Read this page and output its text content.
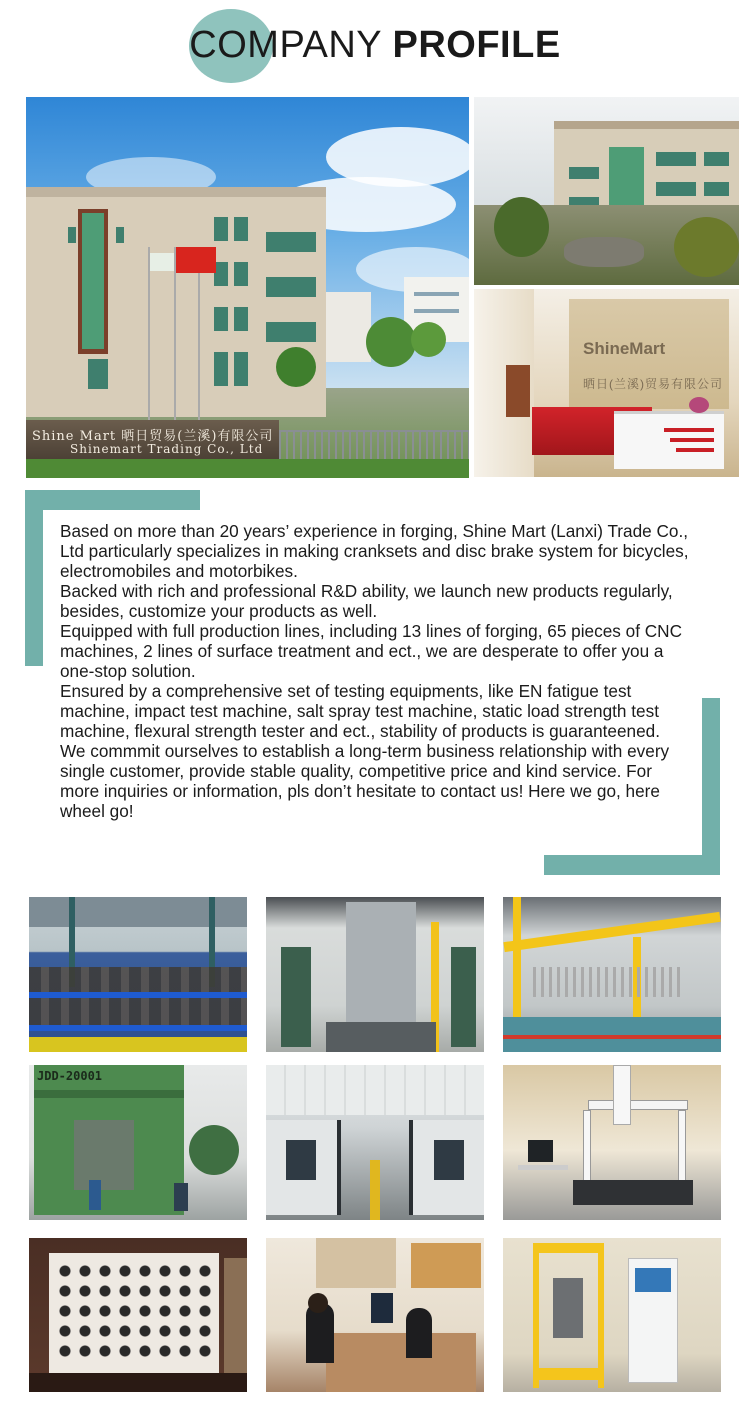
COMPANY PROFILE
Shine Mart 晒日贸易(兰溪)有限公司
Shinemart Trading Co., Ltd
ShineMart
晒日(兰溪)贸易有限公司

Based on more than 20 years’ experience in forging, Shine Mart (Lanxi) Trade Co., Ltd particularly specializes in making cranksets and disc brake system for bicycles, electromobiles and motorbikes.

Backed with rich and professional R&D ability, we launch new products regularly, besides, customize your products as well.

Equipped with full production lines, including 13 lines of forging, 65 pieces of CNC machines, 2 lines of surface treatment and ect., we are desperate to offer you a one-stop solution.

Ensured by a comprehensive set of testing equipments, like EN fatigue test machine, impact test machine, salt spray test machine, static load strength test machine, flexural strength tester and ect., stability of products is guaranteened.

We commmit ourselves to establish a long-term business relationship with every single customer, provide stable quality, competitive price and kind service. For more inquiries or information, pls don’t hesitate to contact us! Here we go, here wheel go!

JDD-20001
